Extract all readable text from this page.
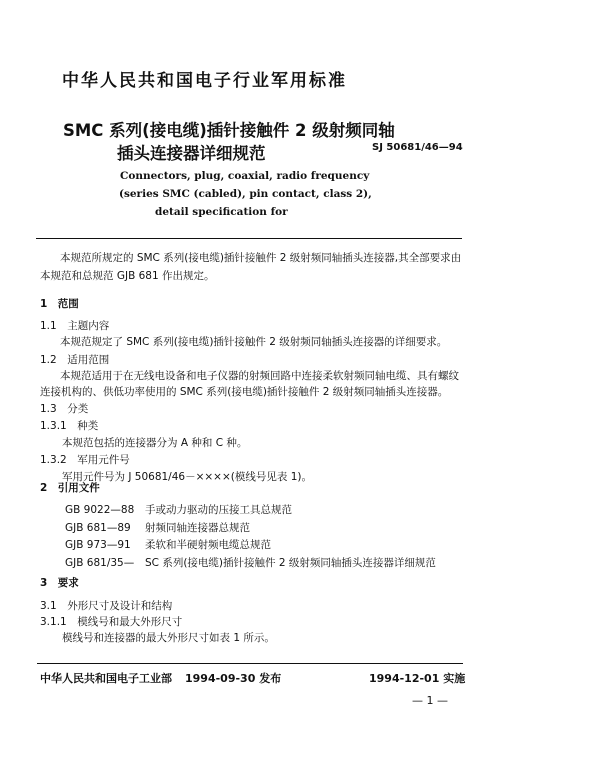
中华人民共和国电子行业军用标准
SMC 系列(接电缆)插针接触件 2 级射频同轴
插头连接器详细规范	SJ 50681/46—94
Connectors, plug, coaxial, radio frequency
(series SMC (cabled), pin contact, class 2),
detail specification for
本规范所规定的 SMC 系列(接电缆)插针接触件 2 级射频同轴插头连接器,其全部要求由
本规范和总规范 GJB 681 作出规定。
1　范围
1.1　主题内容
本规范规定了 SMC 系列(接电缆)插针接触件 2 级射频同轴插头连接器的详细要求。
1.2　适用范围
本规范适用于在无线电设备和电子仪器的射频回路中连接柔软射频同轴电缆、具有螺纹
连接机构的、供低功率使用的 SMC 系列(接电缆)插针接触件 2 级射频同轴插头连接器。
1.3　分类
1.3.1　种类
本规范包括的连接器分为 A 种和 C 种。
1.3.2　军用元件号
军用元件号为 J 50681/46－××××(模线号见表 1)。
2　引用文件
GB 9022—88	手或动力驱动的压接工具总规范
GJB 681—89	射频同轴连接器总规范
GJB 973—91	柔软和半硬射频电缆总规范
GJB 681/35—	SC 系列(接电缆)插针接触件 2 级射频同轴插头连接器详细规范
3　要求
3.1　外形尺寸及设计和结构
3.1.1　模线号和最大外形尺寸
模线号和连接器的最大外形尺寸如表 1 所示。
中华人民共和国电子工业部 1994-09-30 发布	1994-12-01 实施
— 1 —
